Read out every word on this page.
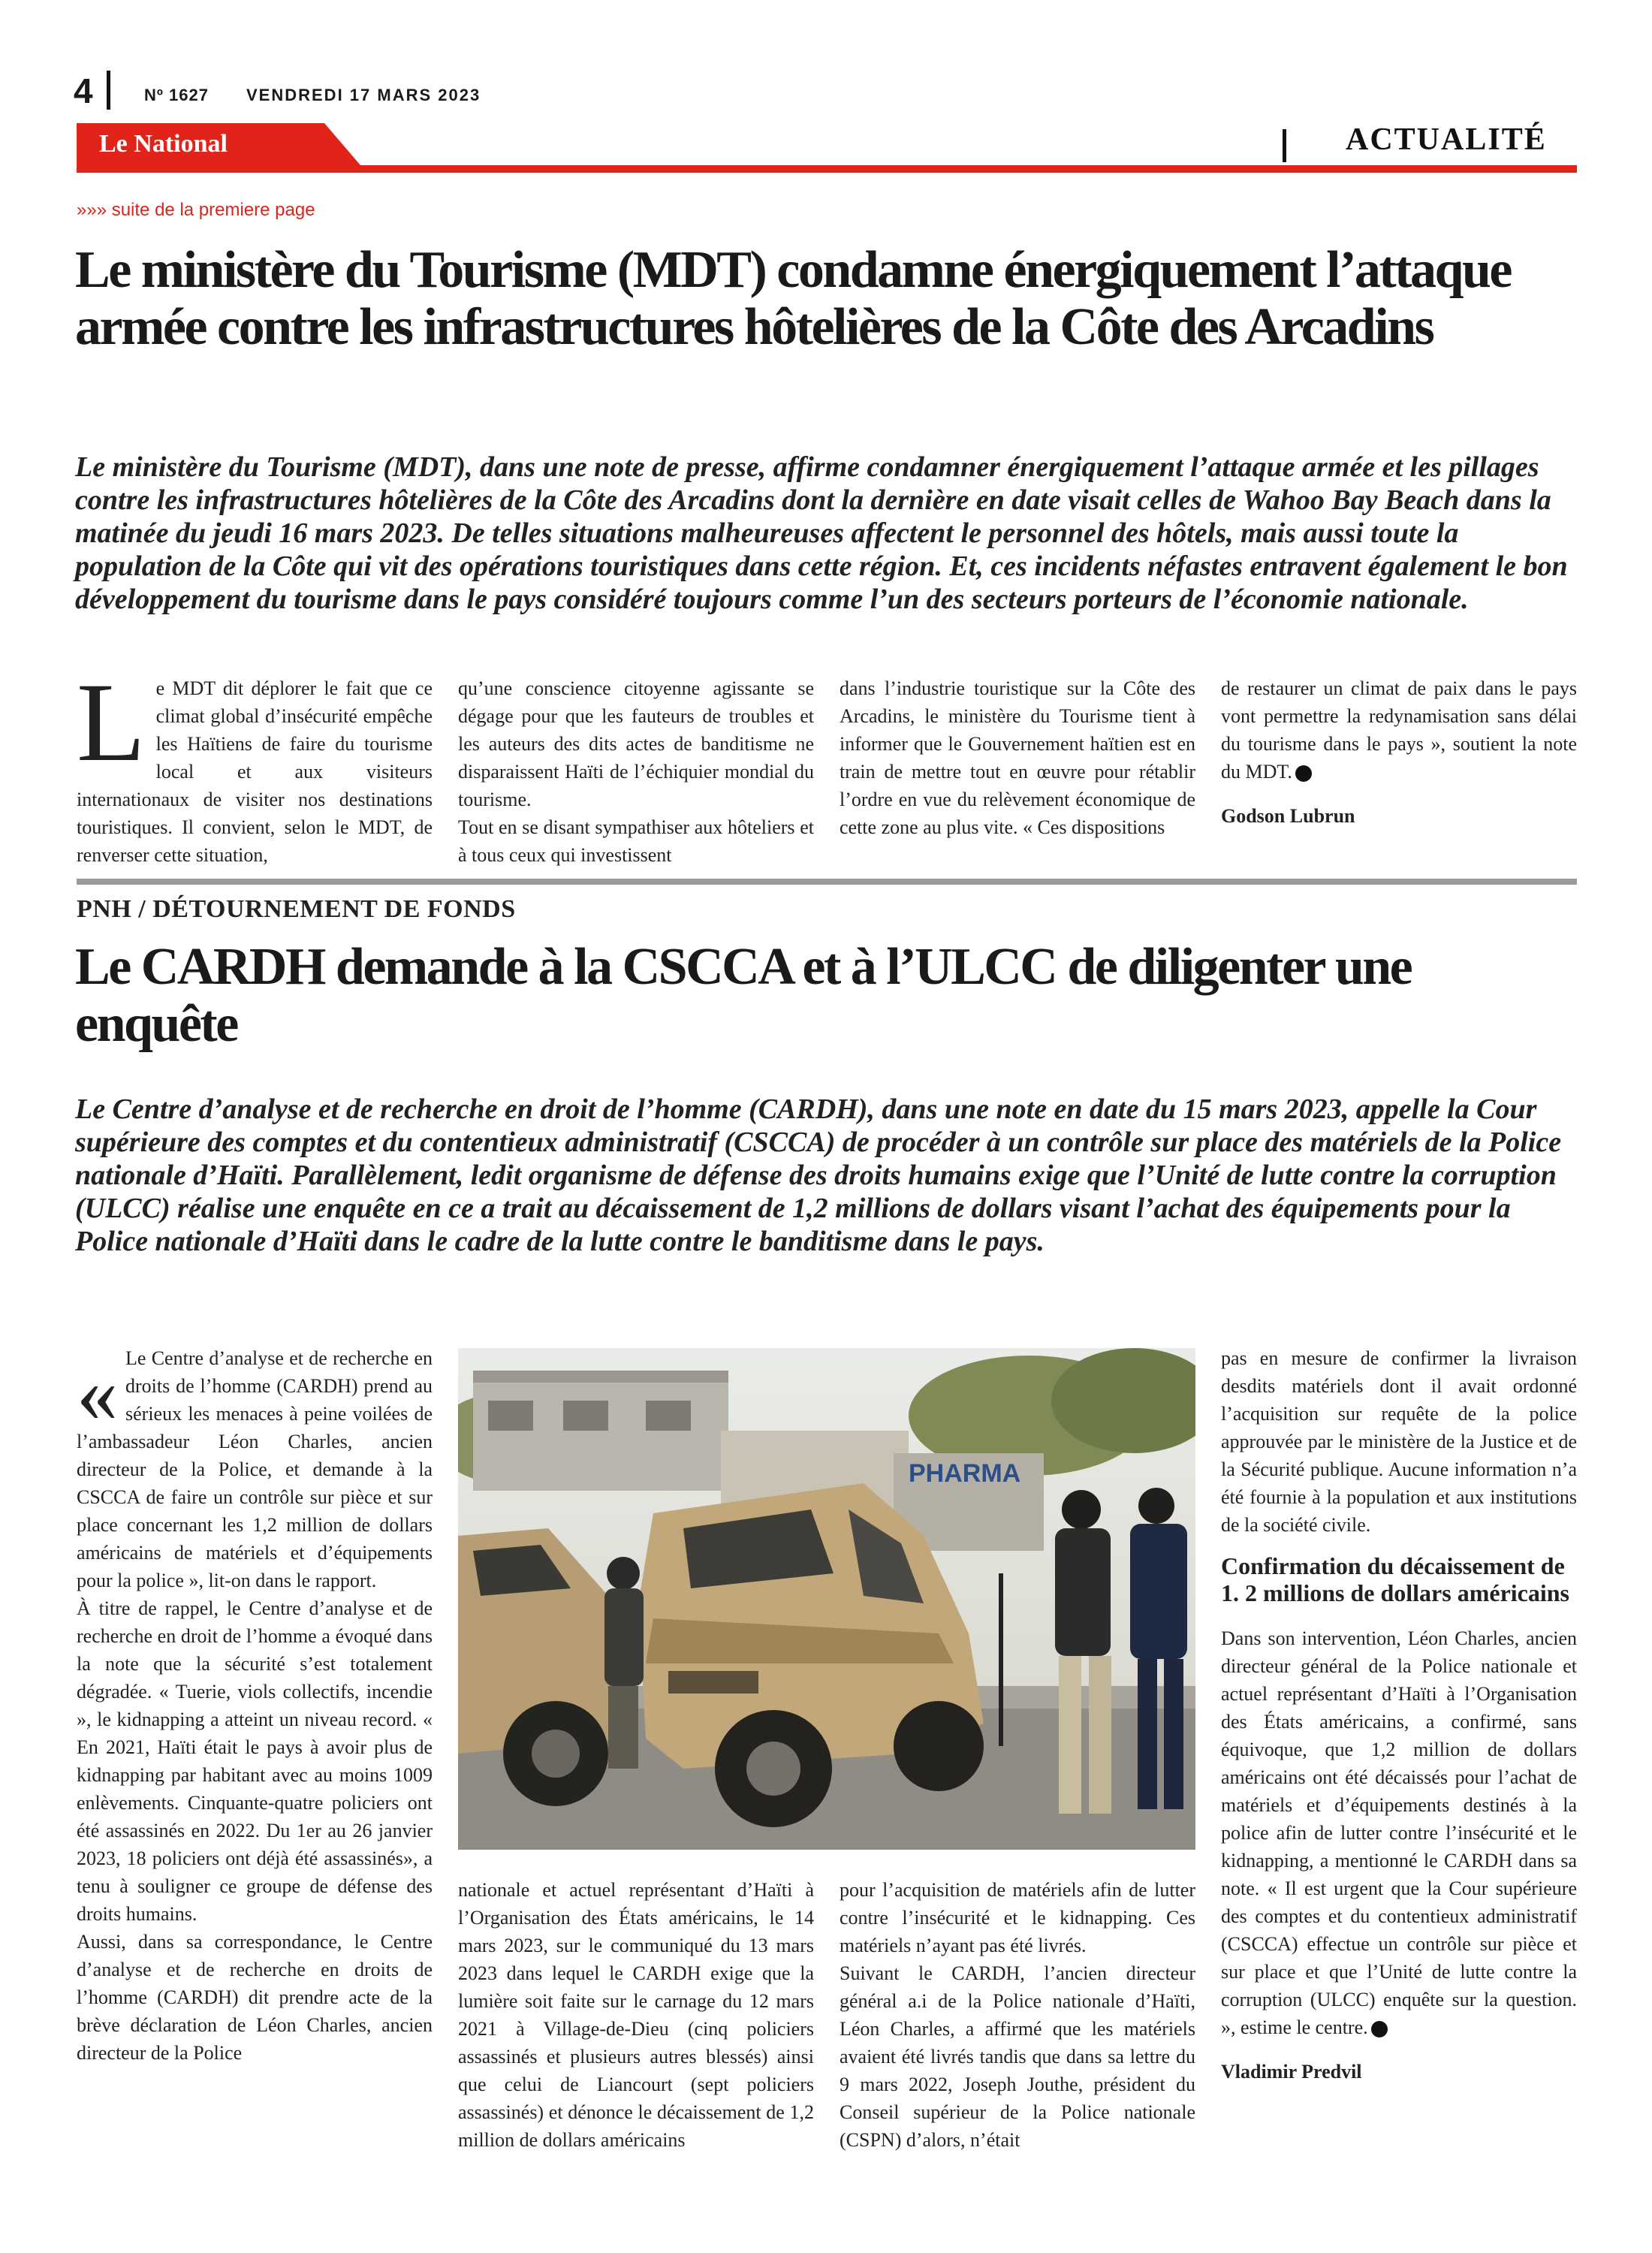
4	Nº 1627 VENDREDI 17 MARS 2023
Le National	ACTUALITÉ
»»» suite de la premiere page
Le ministère du Tourisme (MDT) condamne énergiquement l’attaque armée contre les infrastructures hôtelières de la Côte des Arcadins
Le ministère du Tourisme (MDT), dans une note de presse, affirme condamner énergiquement l’attaque armée et les pillages contre les infrastructures hôtelières de la Côte des Arcadins dont la dernière en date visait celles de Wahoo Bay Beach dans la matinée du jeudi 16 mars 2023. De telles situations malheureuses affectent le personnel des hôtels, mais aussi toute la population de la Côte qui vit des opérations touristiques dans cette région. Et, ces incidents néfastes entravent également le bon développement du tourisme dans le pays considéré toujours comme l’un des secteurs porteurs de l’économie nationale.
L e MDT dit déplorer le fait que ce climat global d’insécurité empêche les Haïtiens de faire du tourisme local et aux visiteurs internationaux de visiter nos destinations touristiques. Il convient, selon le MDT, de renverser cette situation,
qu’une conscience citoyenne agissante se dégage pour que les fauteurs de troubles et les auteurs des dits actes de banditisme ne disparaissent Haïti de l’échiquier mondial du tourisme.
Tout en se disant sympathiser aux hôteliers et à tous ceux qui investissent
dans l’industrie touristique sur la Côte des Arcadins, le ministère du Tourisme tient à informer que le Gouvernement haïtien est en train de mettre tout en œuvre pour rétablir l’ordre en vue du relèvement économique de cette zone au plus vite. « Ces dispositions
de restaurer un climat de paix dans le pays vont permettre la redynamisation sans délai du tourisme dans le pays », soutient la note du MDT.
Godson Lubrun
PNH / DÉTOURNEMENT DE FONDS
Le CARDH demande à la CSCCA et à l’ULCC de diligenter une enquête
Le Centre d’analyse et de recherche en droit de l’homme (CARDH), dans une note en date du 15 mars 2023, appelle la Cour supérieure des comptes et du contentieux administratif (CSCCA) de procéder à un contrôle sur place des matériels de la Police nationale d’Haïti. Parallèlement, ledit organisme de défense des droits humains exige que l’Unité de lutte contre la corruption (ULCC) réalise une enquête en ce a trait au décaissement de 1,2 millions de dollars visant l’achat des équipements pour la Police nationale d’Haïti dans le cadre de la lutte contre le banditisme dans le pays.
« Le Centre d’analyse et de recherche en droits de l’homme (CARDH) prend au sérieux les menaces à peine voilées de l’ambassadeur Léon Charles, ancien directeur de la Police, et demande à la CSCCA de faire un contrôle sur pièce et sur place concernant les 1,2 million de dollars américains de matériels et d’équipements pour la police », lit-on dans le rapport.
À titre de rappel, le Centre d’analyse et de recherche en droit de l’homme a évoqué dans la note que la sécurité s’est totalement dégradée. « Tuerie, viols collectifs, incendie », le kidnapping a atteint un niveau record. « En 2021, Haïti était le pays à avoir plus de kidnapping par habitant avec au moins 1009 enlèvements. Cinquante-quatre policiers ont été assassinés en 2022. Du 1er au 26 janvier 2023, 18 policiers ont déjà été assassinés», a tenu à souligner ce groupe de défense des droits humains.
Aussi, dans sa correspondance, le Centre d’analyse et de recherche en droits de l’homme (CARDH) dit prendre acte de la brève déclaration de Léon Charles, ancien directeur de la Police
PHARMA
nationale et actuel représentant d’Haïti à l’Organisation des États américains, le 14 mars 2023, sur le communiqué du 13 mars 2023 dans lequel le CARDH exige que la lumière soit faite sur le carnage du 12 mars 2021 à Village-de-Dieu (cinq policiers assassinés et plusieurs autres blessés) ainsi que celui de Liancourt (sept policiers assassinés) et dénonce le décaissement de 1,2 million de dollars américains
pour l’acquisition de matériels afin de lutter contre l’insécurité et le kidnapping. Ces matériels n’ayant pas été livrés.
Suivant le CARDH, l’ancien directeur général a.i de la Police nationale d’Haïti, Léon Charles, a affirmé que les matériels avaient été livrés tandis que dans sa lettre du 9 mars 2022, Joseph Jouthe, président du Conseil supérieur de la Police nationale (CSPN) d’alors, n’était
pas en mesure de confirmer la livraison desdits matériels dont il avait ordonné l’acquisition sur requête de la police approuvée par le ministère de la Justice et de la Sécurité publique. Aucune information n’a été fournie à la population et aux institutions de la société civile.
Confirmation du décaissement de 1. 2 millions de dollars américains
Dans son intervention, Léon Charles, ancien directeur général de la Police nationale et actuel représentant d’Haïti à l’Organisation des États américains, a confirmé, sans équivoque, que 1,2 million de dollars américains ont été décaissés pour l’achat de matériels et d’équipements destinés à la police afin de lutter contre l’insécurité et le kidnapping, a mentionné le CARDH dans sa note. « Il est urgent que la Cour supérieure des comptes et du contentieux administratif (CSCCA) effectue un contrôle sur pièce et sur place et que l’Unité de lutte contre la corruption (ULCC) enquête sur la question. », estime le centre.
Vladimir Predvil
